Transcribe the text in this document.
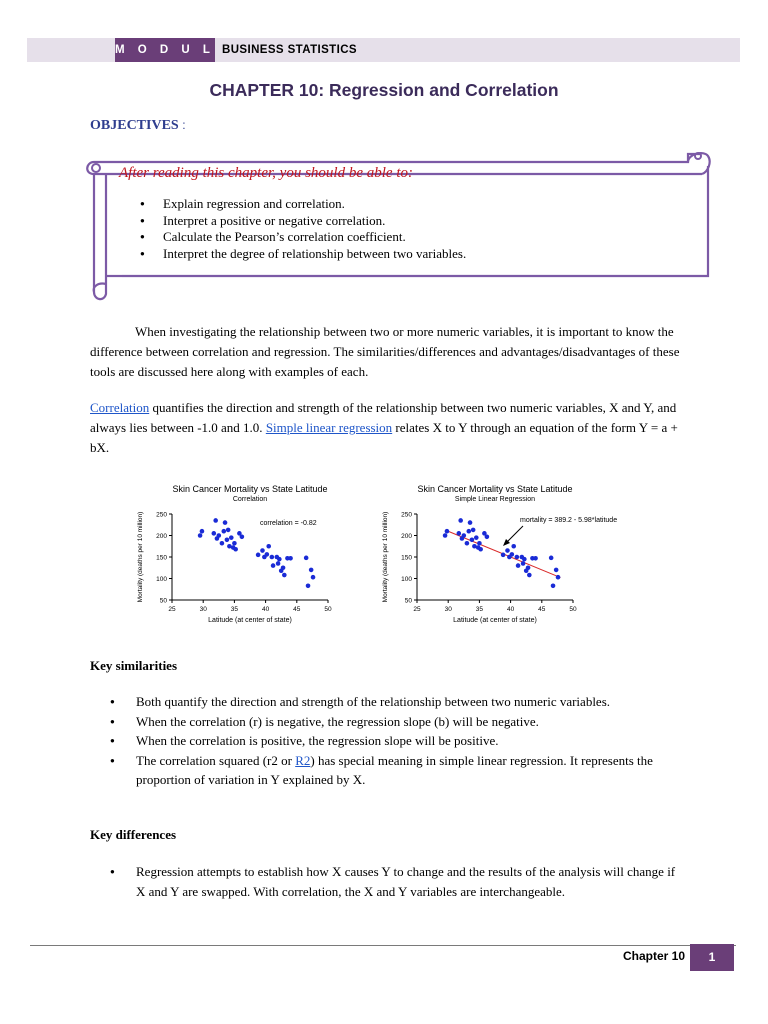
M O D U L E
BUSINESS STATISTICS
CHAPTER 10: Regression and Correlation
OBJECTIVES :
After reading this chapter, you should be able to:
● Explain regression and correlation.
● Interpret a positive or negative correlation.
● Calculate the Pearson’s correlation coefficient.
● Interpret the degree of relationship between two variables.
When investigating the relationship between two or more numeric variables, it is important to know the difference between correlation and regression. The similarities/differences and advantages/disadvantages of these tools are discussed here along with examples of each.
Correlation quantifies the direction and strength of the relationship between two numeric variables, X and Y, and always lies between -1.0 and 1.0. Simple linear regression relates X to Y through an equation of the form Y = a + bX.
Skin Cancer Mortality vs State Latitude
Correlation
50
100
150
200
250
25	30	35	40	45	50
Latitude (at center of state)
Mortality (deaths per 10 million)	correlation = -0.82
Skin Cancer Mortality vs State Latitude
Simple Linear Regression
50
100
150
200
250
25	30	35	40	45	50
Latitude (at center of state)
Mortality (deaths per 10 million)	mortality = 389.2 - 5.98*latitude
Key similarities
● Both quantify the direction and strength of the relationship between two numeric variables.
● When the correlation (r) is negative, the regression slope (b) will be negative.
● When the correlation is positive, the regression slope will be positive.
● The correlation squared (r2 or R2) has special meaning in simple linear regression. It represents the proportion of variation in Y explained by X.
Key differences
● Regression attempts to establish how X causes Y to change and the results of the analysis will change if X and Y are swapped. With correlation, the X and Y variables are interchangeable.
Chapter 10	1
